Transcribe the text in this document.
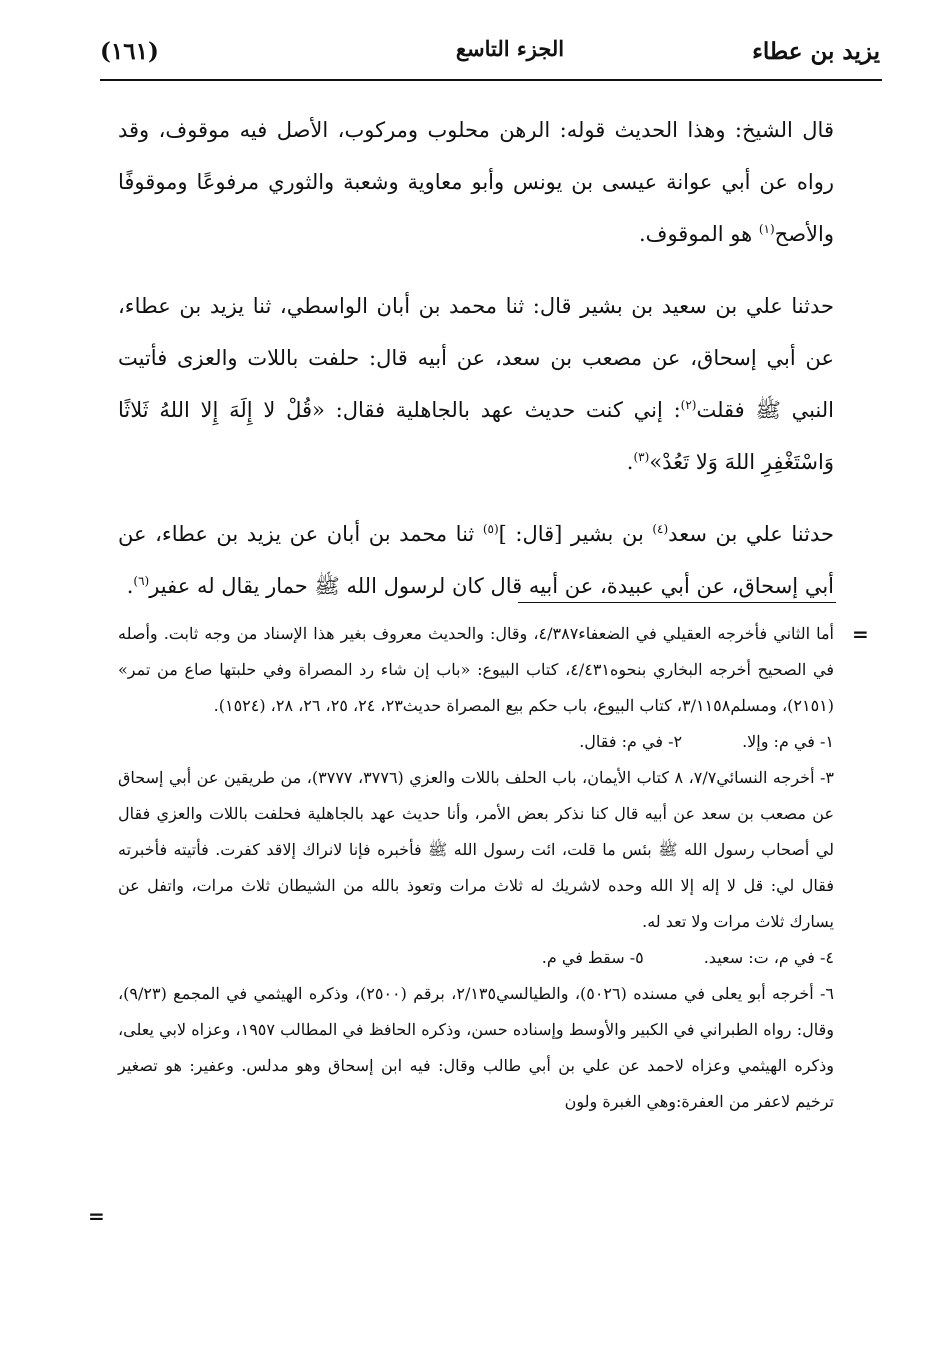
يزيد بن عطاء
الجزء التاسع
(١٦١)

قال الشيخ: وهذا الحديث قوله: الرهن محلوب ومركوب، الأصل فيه موقوف، وقد رواه عن أبي عوانة عيسى بن يونس وأبو معاوية وشعبة والثوري مرفوعًا وموقوفًا والأصح$^{(١)}$ هو الموقوف.

حدثنا علي بن سعيد بن بشير قال: ثنا محمد بن أبان الواسطي، ثنا يزيد بن عطاء، عن أبي إسحاق، عن مصعب بن سعد، عن أبيه قال: حلفت باللات والعزى فأتيت النبي ﷺ فقلت$^{(٢)}$: إني كنت حديث عهد بالجاهلية فقال: «قُلْ لا إِلَهَ إِلا اللهُ ثَلاثًا وَاسْتَغْفِرِ اللهَ وَلا تَعُدْ»$^{(٣)}$.

حدثنا علي بن سعد$^{(٤)}$ بن بشير [قال: ]$^{(٥)}$ ثنا محمد بن أبان عن يزيد بن عطاء، عن أبي إسحاق، عن أبي عبيدة، عن أبيه قال كان لرسول الله ﷺ حمار يقال له عفير$^{(٦)}$.

=

أما الثاني فأخرجه العقيلي في الضعفاء٤/٣٨٧، وقال: والحديث معروف بغير هذا الإسناد من وجه ثابت. وأصله في الصحيح أخرجه البخاري بنحوه٤/٤٣١، كتاب البيوع: «باب إن شاء رد المصراة وفي حلبتها صاع من تمر» (٢١٥١)، ومسلم٣/١١٥٨، كتاب البيوع، باب حكم بيع المصراة حديث٢٣، ٢٤، ٢٥، ٢٦، ٢٨، (١٥٢٤).

١- في م: وإلا.

٢- في م: فقال.

٣- أخرجه النسائي٧/٧، ٨ كتاب الأيمان، باب الحلف باللات والعزي (٣٧٧٦، ٣٧٧٧)، من طريقين عن أبي إسحاق عن مصعب بن سعد عن أبيه قال كنا نذكر بعض الأمر، وأنا حديث عهد بالجاهلية فحلفت باللات والعزي فقال لي أصحاب رسول الله ﷺ بئس ما قلت، ائت رسول الله ﷺ فأخبره فإنا لانراك إلاقد كفرت. فأتيته فأخبرته فقال لي: قل لا إله إلا الله وحده لاشريك له ثلاث مرات وتعوذ بالله من الشيطان ثلاث مرات، واتفل عن يسارك ثلاث مرات ولا تعد له.

٤- في م، ت: سعيد.

٥- سقط في م.

٦- أخرجه أبو يعلى في مسنده (٥٠٢٦)، والطيالسي٢/١٣٥، برقم (٢٥٠٠)، وذكره الهيثمي في المجمع (٩/٢٣)، وقال: رواه الطبراني في الكبير والأوسط وإسناده حسن، وذكره الحافظ في المطالب ١٩٥٧، وعزاه لابي يعلى، وذكره الهيثمي وعزاه لاحمد عن علي بن أبي طالب وقال: فيه ابن إسحاق وهو مدلس. وعفير: هو تصغير ترخيم لاعفر من العفرة:وهي الغبرة ولون

=
